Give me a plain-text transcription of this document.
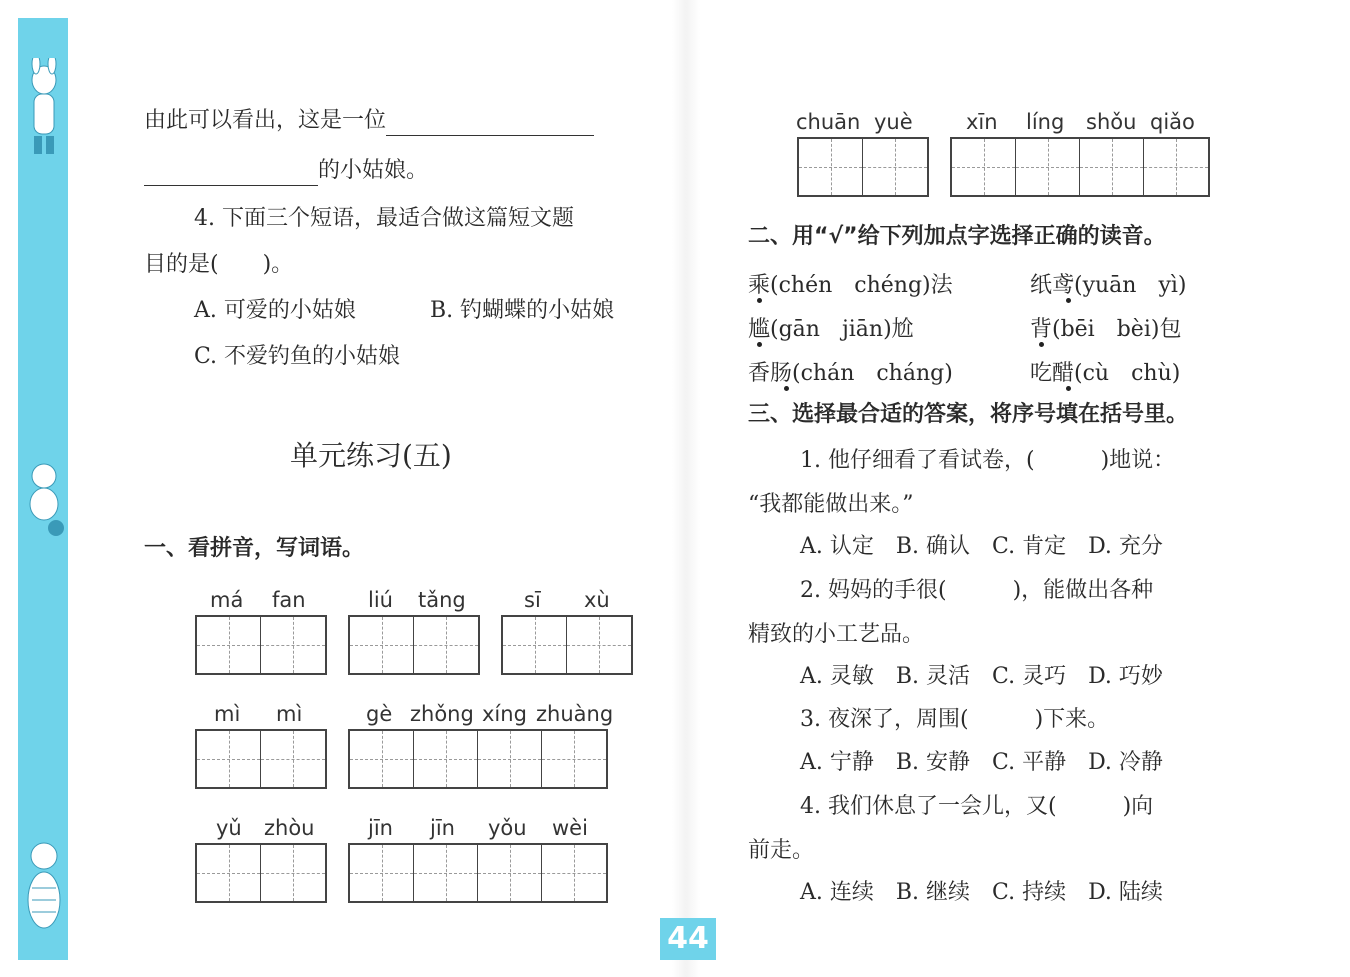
由此可以看出，这是一位
的小姑娘。
4. 下面三个短语，最适合做这篇短文题
目的是(　　)。
A. 可爱的小姑娘	B. 钓蝴蝶的小姑娘
C. 不爱钓鱼的小姑娘
单元练习(五)
一、看拼音，写词语。
má fan	liú tǎng	sī xù
mì mì	gè zhǒng xíng zhuàng
yǔ zhòu	jīn jīn yǒu wèi
chuān yuè	xīn líng shǒu qiǎo
二、用“√”给下列加点字选择正确的读音。
乘(chén　chéng)法	纸鸢(yuān　yì)
尴(gān　jiān)尬	背(bēi　bèi)包
香肠(chán　cháng)	吃醋(cù　chù)
三、选择最合适的答案，将序号填在括号里。
1. 他仔细看了看试卷，(　　　)地说：
“我都能做出来。”
A. 认定　B. 确认　C. 肯定　D. 充分
2. 妈妈的手很(　　　)，能做出各种
精致的小工艺品。
A. 灵敏　B. 灵活　C. 灵巧　D. 巧妙
3. 夜深了，周围(　　　)下来。
A. 宁静　B. 安静　C. 平静　D. 冷静
4. 我们休息了一会儿，又(　　　)向
前走。
A. 连续　B. 继续　C. 持续　D. 陆续
44
